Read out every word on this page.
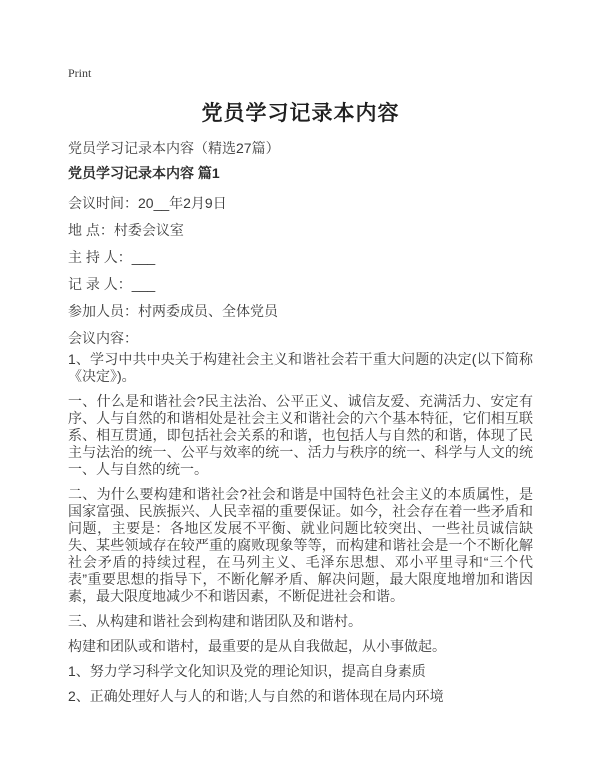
Print
党员学习记录本内容
党员学习记录本内容（精选27篇）
党员学习记录本内容 篇1
会议时间：20__年2月9日
地 点：村委会议室
主 持 人：___
记 录 人：___
参加人员：村两委成员、全体党员
会议内容：

1、学习中共中央关于构建社会主义和谐社会若干重大问题的决定(以下简称《决定》)。

一、什么是和谐社会?民主法治、公平正义、诚信友爱、充满活力、安定有序、人与自然的和谐相处是社会主义和谐社会的六个基本特征，它们相互联系、相互贯通，即包括社会关系的和谐，也包括人与自然的和谐，体现了民主与法治的统一、公平与效率的统一、活力与秩序的统一、科学与人文的统一、人与自然的统一。

二、为什么要构建和谐社会?社会和谐是中国特色社会主义的本质属性，是国家富强、民族振兴、人民幸福的重要保证。如今，社会存在着一些矛盾和问题，主要是：各地区发展不平衡、就业问题比较突出、一些社员诚信缺失、某些领域存在较严重的腐败现象等等，而构建和谐社会是一个不断化解社会矛盾的持续过程，在马列主义、毛泽东思想、邓小平里寻和“三个代表”重要思想的指导下，不断化解矛盾、解决问题，最大限度地增加和谐因素，最大限度地减少不和谐因素，不断促进社会和谐。

三、从构建和谐社会到构建和谐团队及和谐村。

构建和团队或和谐村，最重要的是从自我做起，从小事做起。

1、努力学习科学文化知识及党的理论知识，提高自身素质

2、正确处理好人与人的和谐;人与自然的和谐体现在局内环境
